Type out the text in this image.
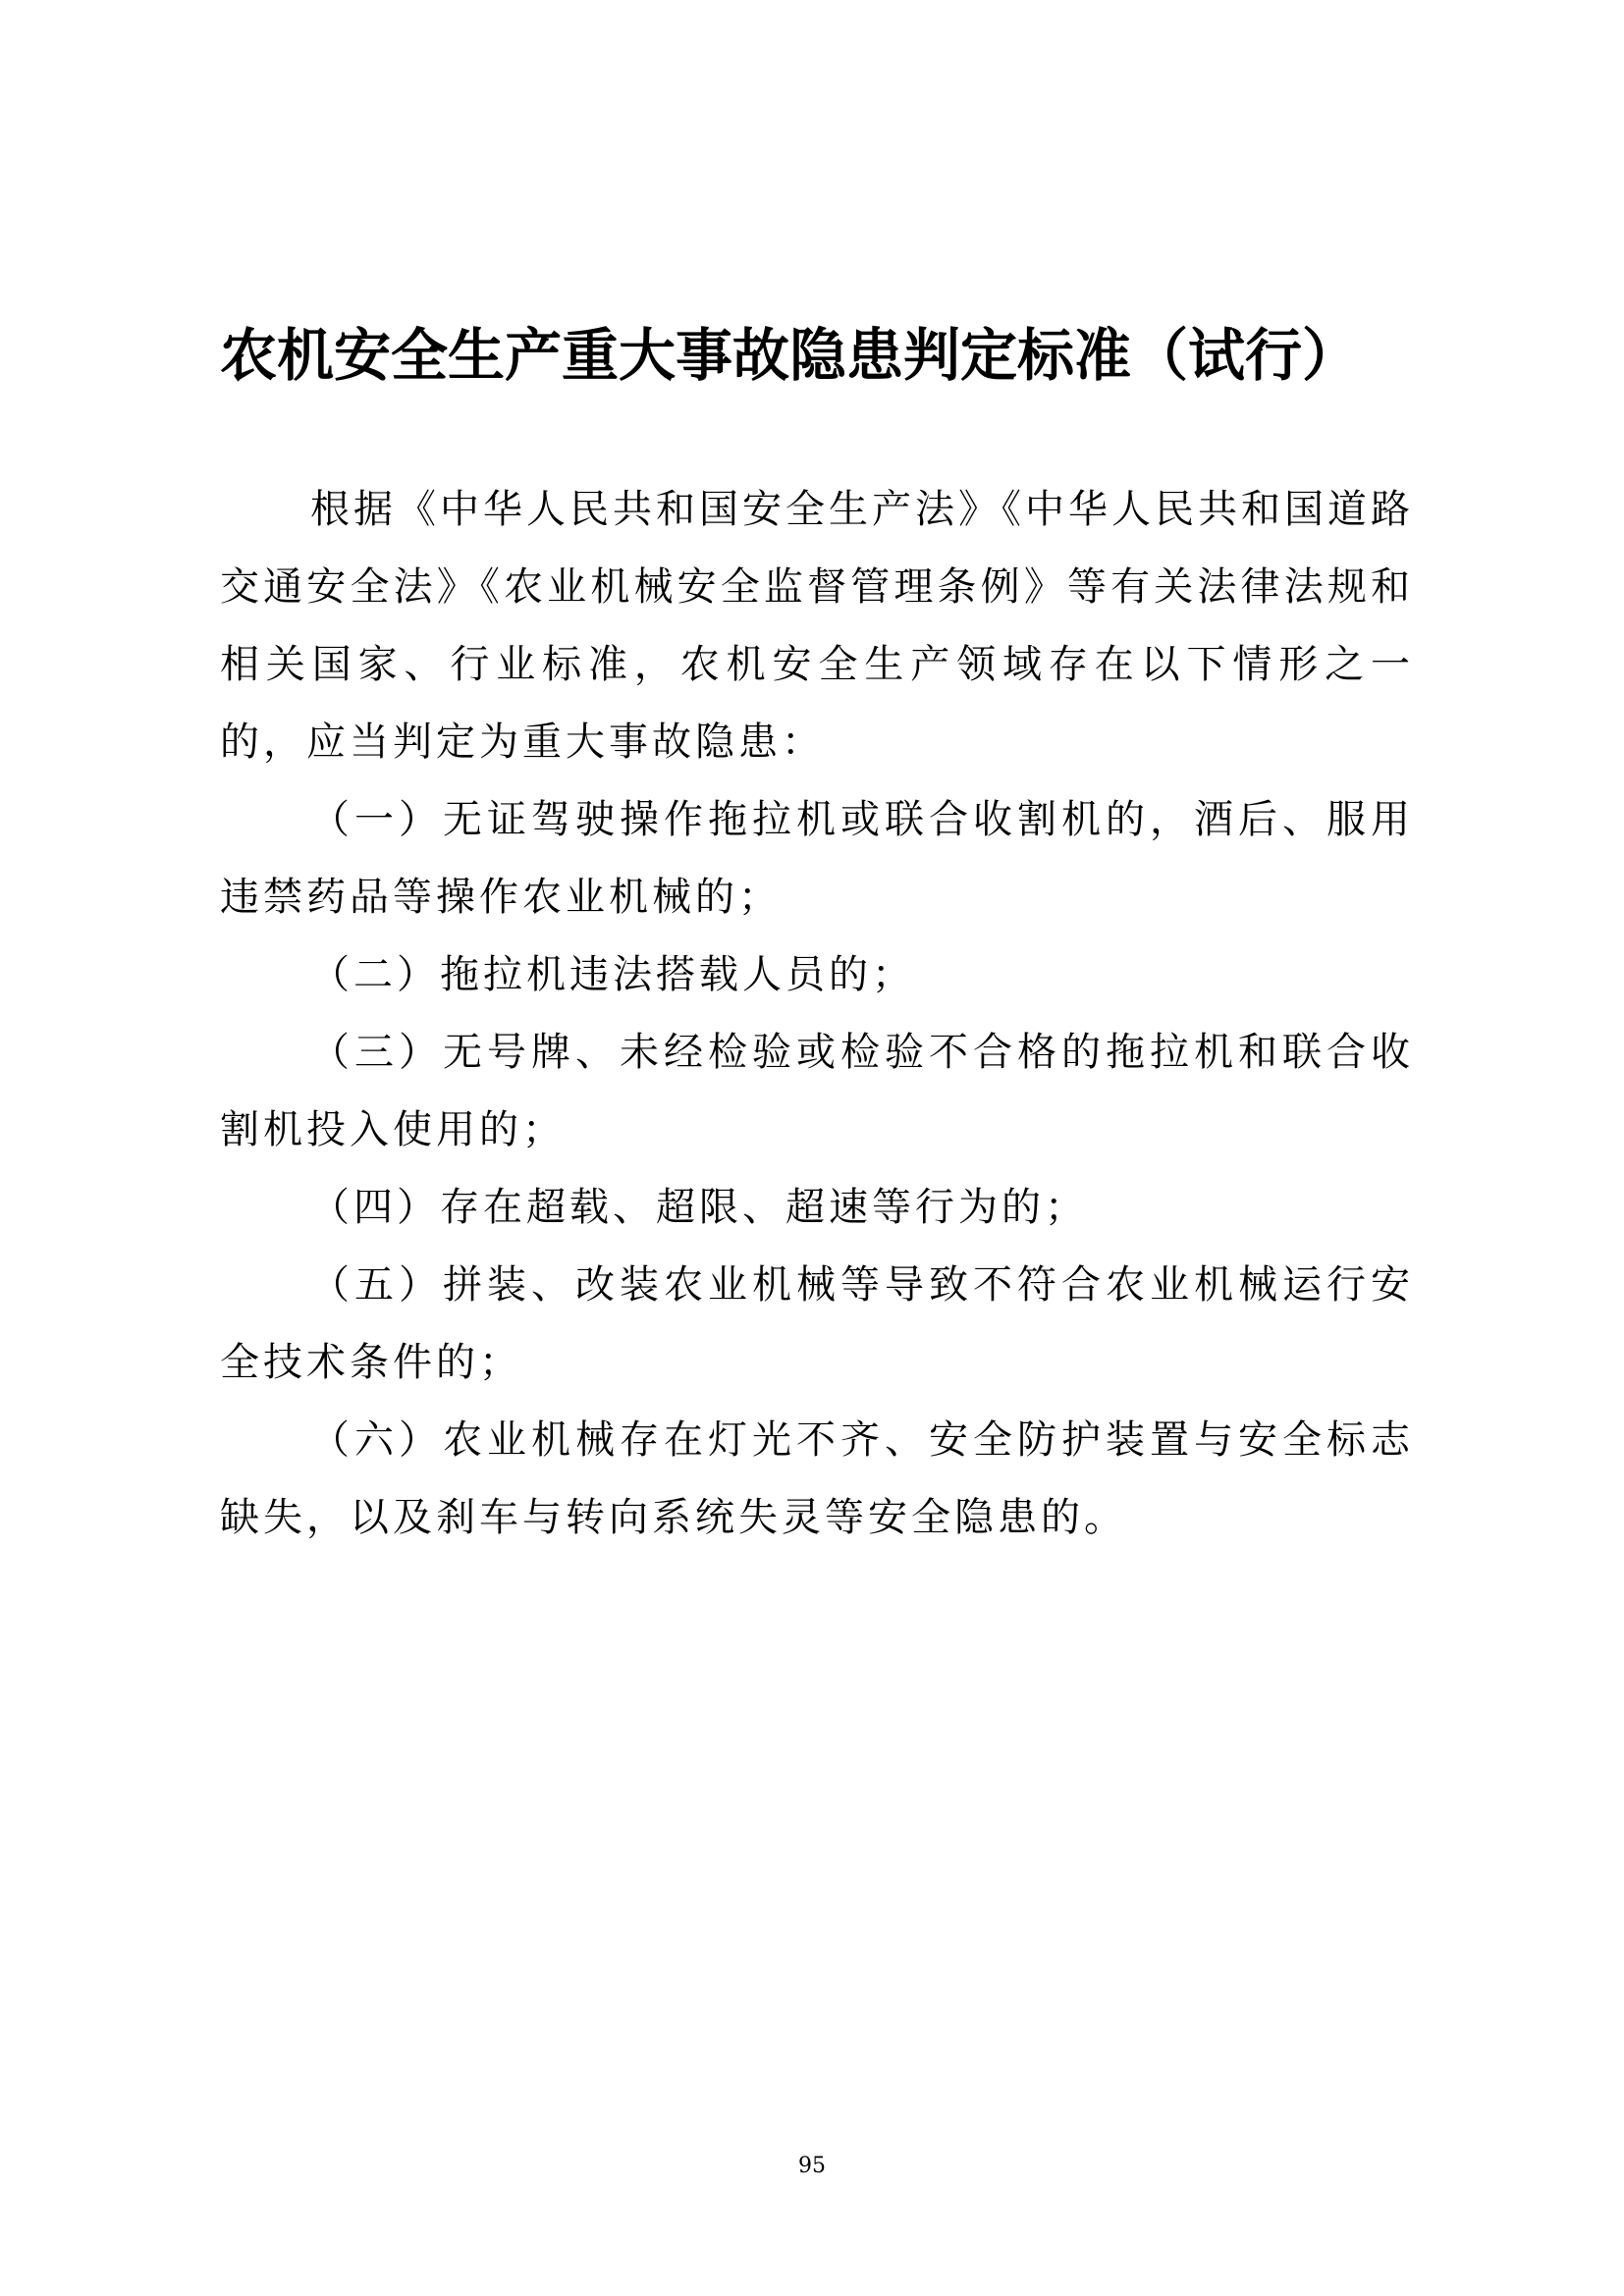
农机安全生产重大事故隐患判定标准（试行）

根据《中华人民共和国安全生产法》《中华人民共和国道路交通安全法》《农业机械安全监督管理条例》等有关法律法规和相关国家、行业标准，农机安全生产领域存在以下情形之一的，应当判定为重大事故隐患：

（一）无证驾驶操作拖拉机或联合收割机的，酒后、服用违禁药品等操作农业机械的；

（二）拖拉机违法搭载人员的；

（三）无号牌、未经检验或检验不合格的拖拉机和联合收割机投入使用的；

（四）存在超载、超限、超速等行为的；

（五）拼装、改装农业机械等导致不符合农业机械运行安全技术条件的；

（六）农业机械存在灯光不齐、安全防护装置与安全标志缺失，以及刹车与转向系统失灵等安全隐患的。

95
